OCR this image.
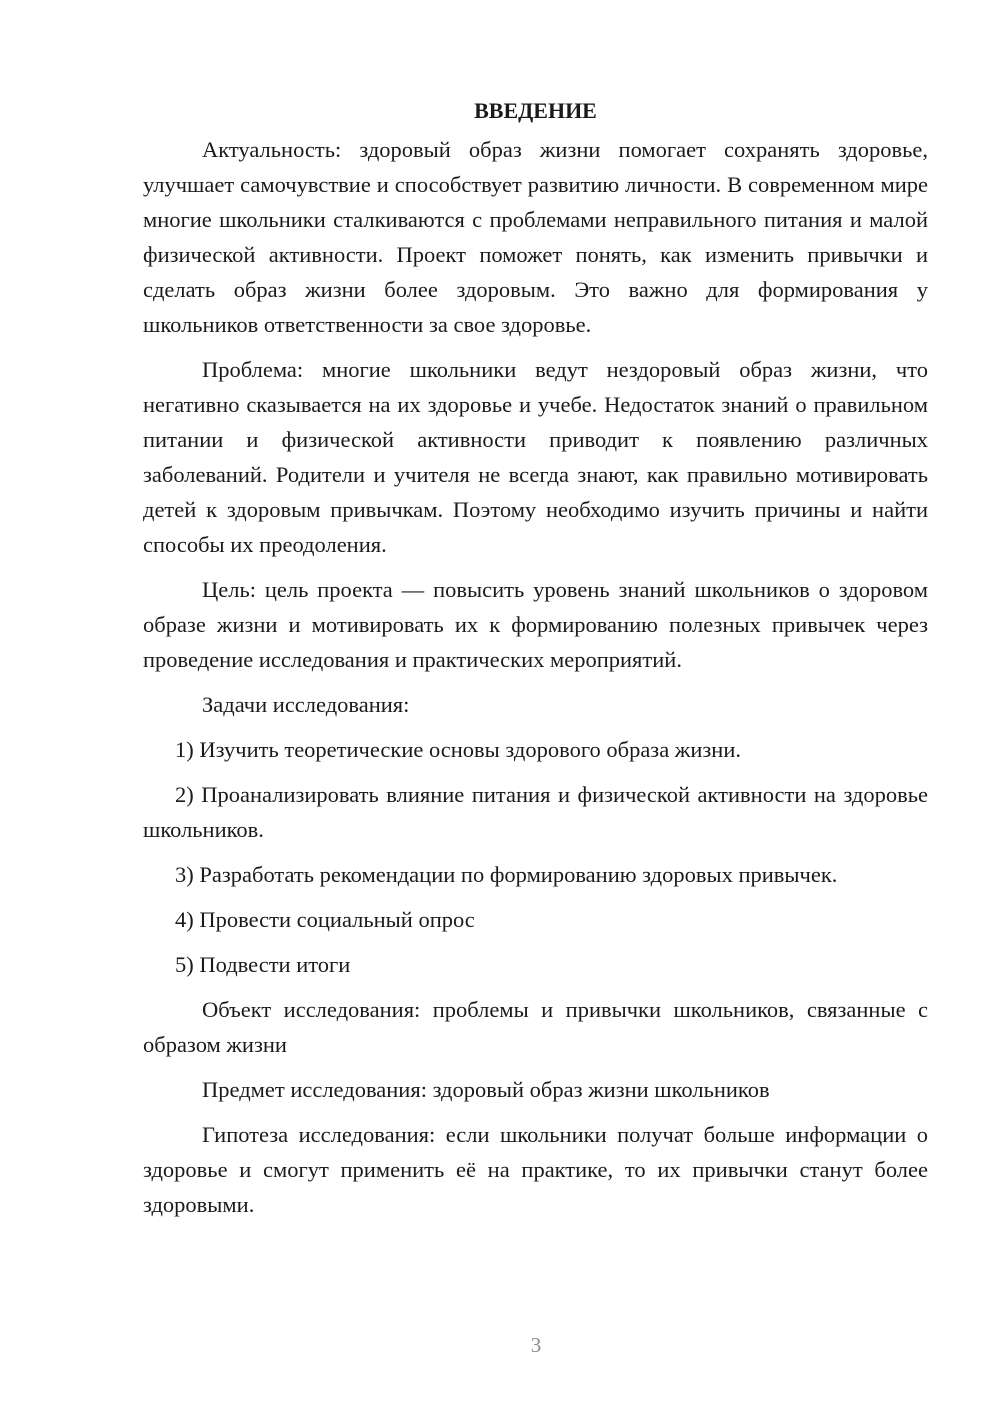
ВВЕДЕНИЕ

Актуальность: здоровый образ жизни помогает сохранять здоровье, улучшает самочувствие и способствует развитию личности. В современном мире многие школьники сталкиваются с проблемами неправильного питания и малой физической активности. Проект поможет понять, как изменить привычки и сделать образ жизни более здоровым. Это важно для формирования у школьников ответственности за свое здоровье.

Проблема: многие школьники ведут нездоровый образ жизни, что негативно сказывается на их здоровье и учебе. Недостаток знаний о правильном питании и физической активности приводит к появлению различных заболеваний. Родители и учителя не всегда знают, как правильно мотивировать детей к здоровым привычкам. Поэтому необходимо изучить причины и найти способы их преодоления.

Цель: цель проекта — повысить уровень знаний школьников о здоровом образе жизни и мотивировать их к формированию полезных привычек через проведение исследования и практических мероприятий.

Задачи исследования:

1) Изучить теоретические основы здорового образа жизни.

2) Проанализировать влияние питания и физической активности на здоровье школьников.

3) Разработать рекомендации по формированию здоровых привычек.

4) Провести социальный опрос

5) Подвести итоги

Объект исследования: проблемы и привычки школьников, связанные с образом жизни

Предмет исследования: здоровый образ жизни школьников

Гипотеза исследования: если школьники получат больше информации о здоровье и смогут применить её на практике, то их привычки станут более здоровыми.

3
